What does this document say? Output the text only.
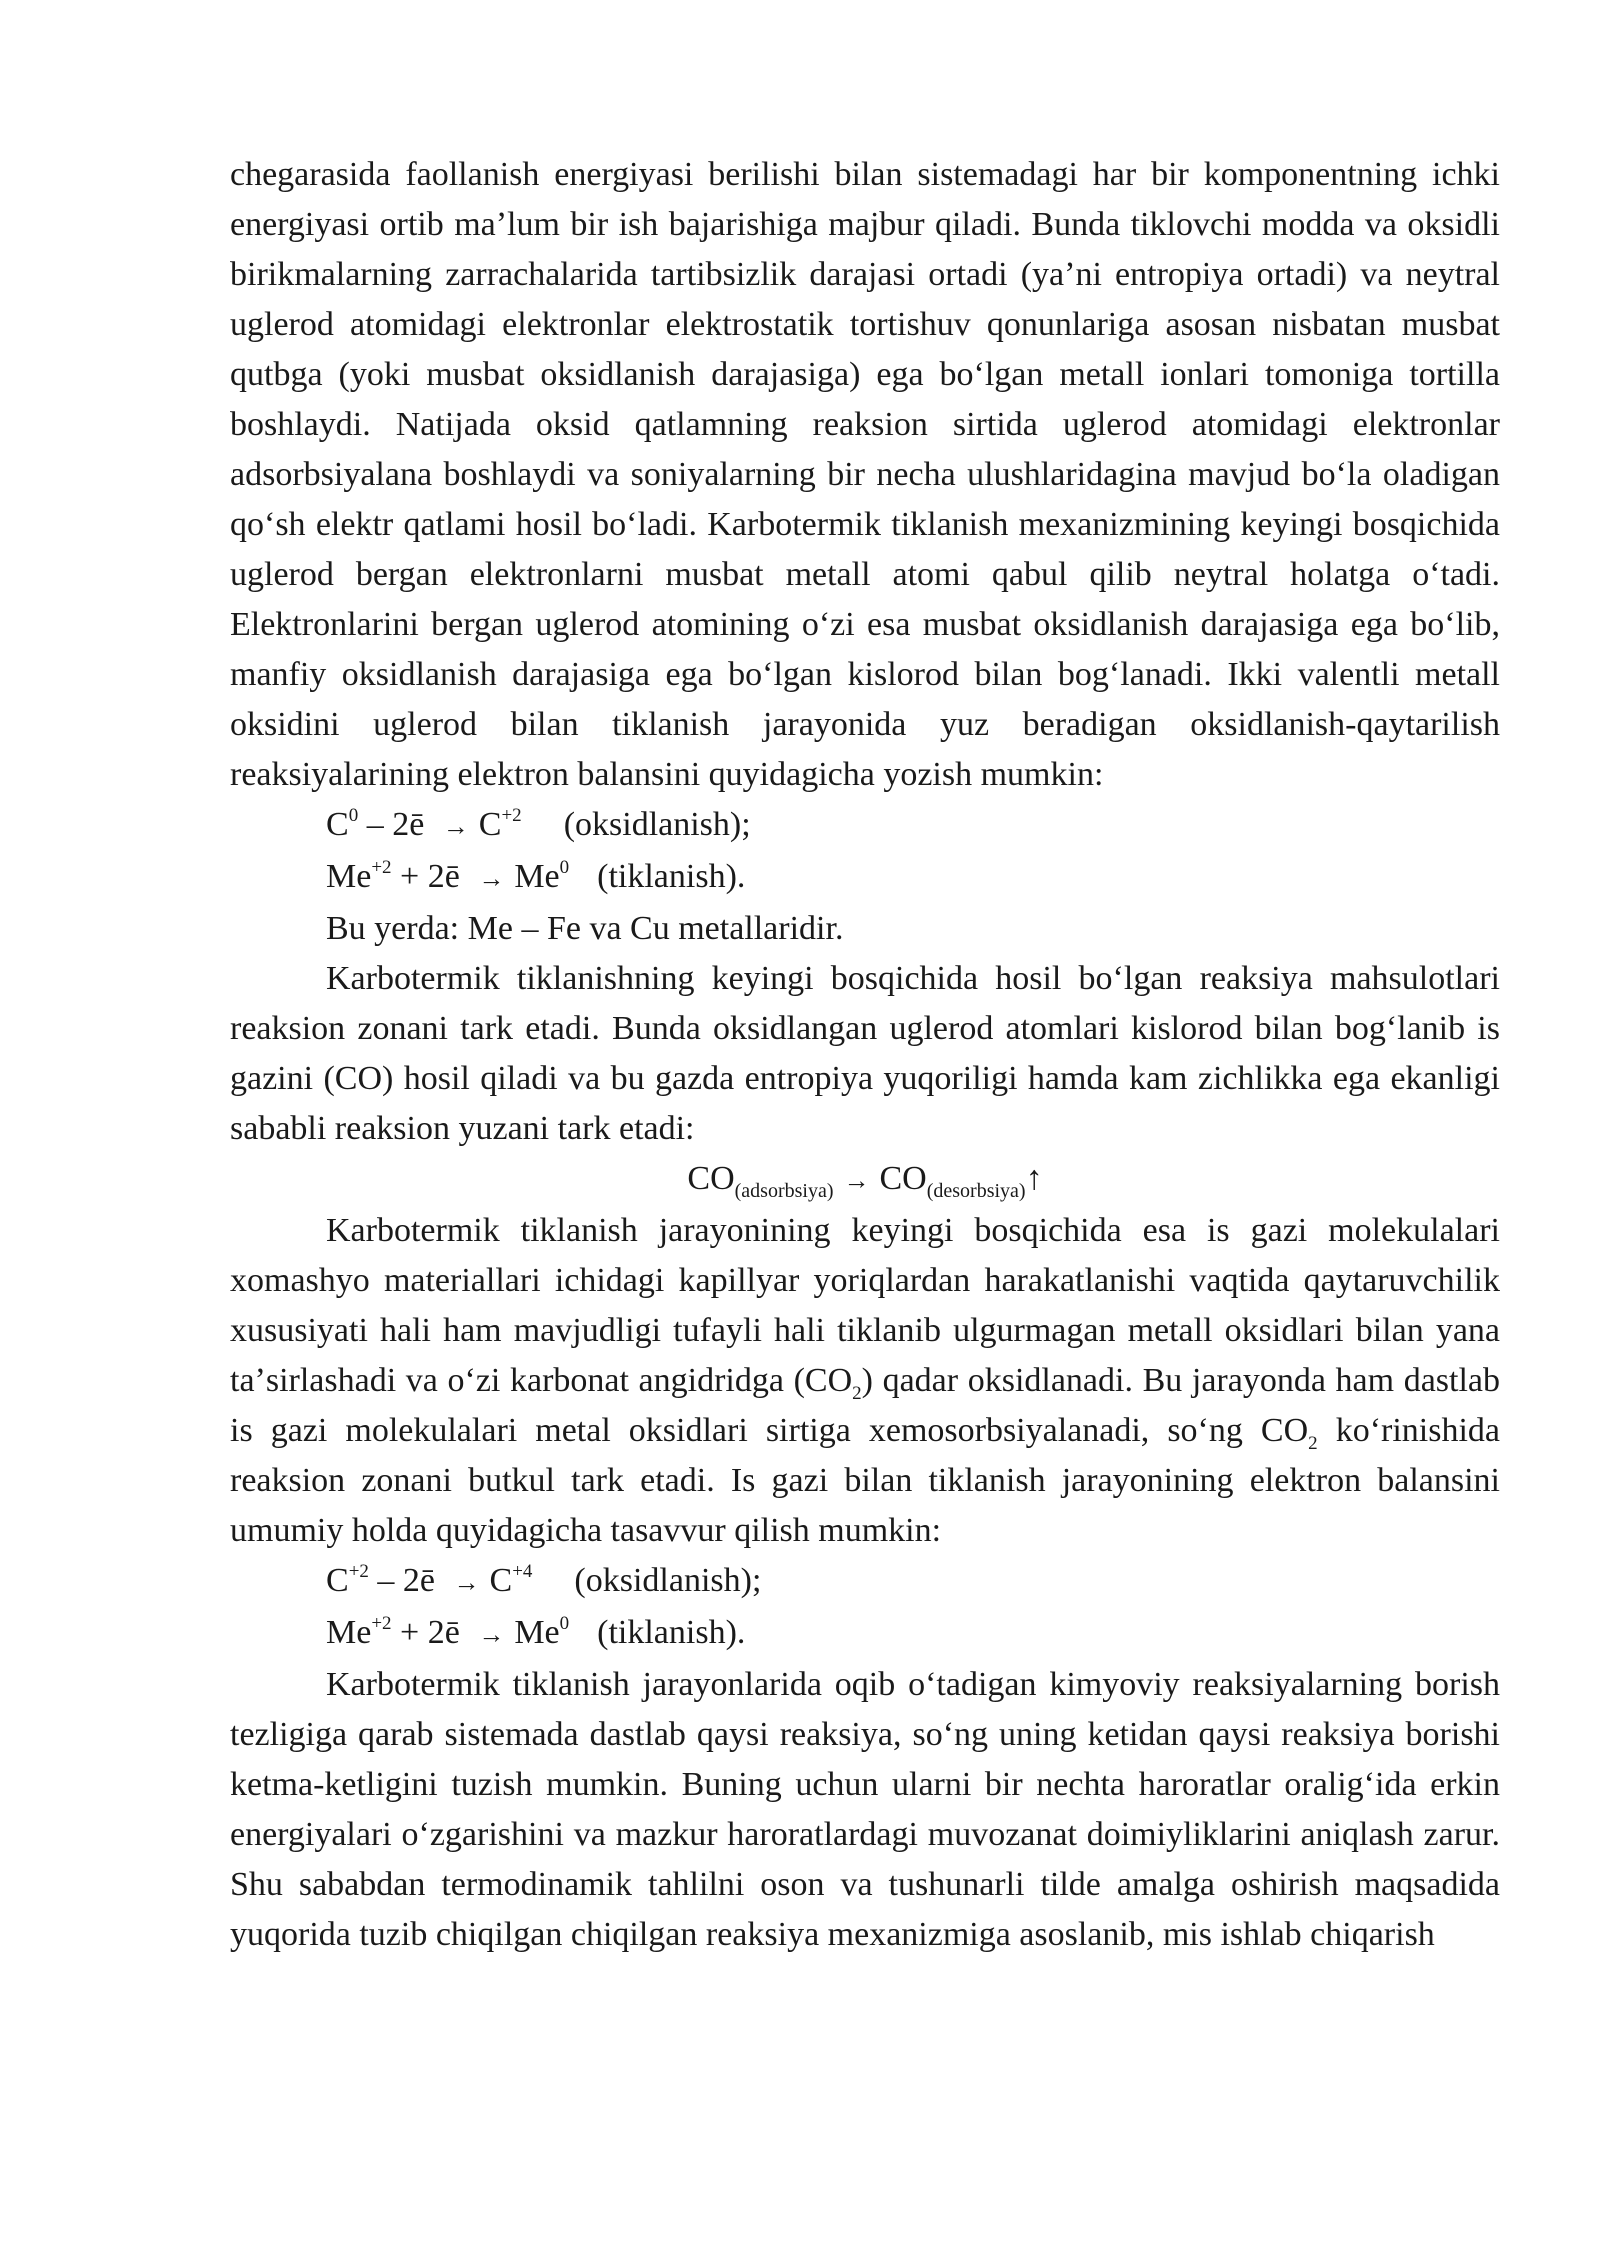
chegarasida faollanish energiyasi berilishi bilan sistemadagi har bir komponentning ichki energiyasi ortib maʼlum bir ish bajarishiga majbur qiladi. Bunda tiklovchi modda va oksidli birikmalarning zarrachalarida tartibsizlik darajasi ortadi (yaʼni entropiya ortadi) va neytral uglerod atomidagi elektronlar elektrostatik tortishuv qonunlariga asosan nisbatan musbat qutbga (yoki musbat oksidlanish darajasiga) ega boʻlgan metall ionlari tomoniga tortilla boshlaydi. Natijada oksid qatlamning reaksion sirtida uglerod atomidagi elektronlar adsorbsiyalana boshlaydi va soniyalarning bir necha ulushlaridagina mavjud boʻla oladigan qoʻsh elektr qatlami hosil boʻladi. Karbotermik tiklanish mexanizmining keyingi bosqichida uglerod bergan elektronlarni musbat metall atomi qabul qilib neytral holatga oʻtadi. Elektronlarini bergan uglerod atomining oʻzi esa musbat oksidlanish darajasiga ega boʻlib, manfiy oksidlanish darajasiga ega boʻlgan kislorod bilan bogʻlanadi. Ikki valentli metall oksidini uglerod bilan tiklanish jarayonida yuz beradigan oksidlanish-qaytarilish reaksiyalarining elektron balansini quyidagicha yozish mumkin:

$C^0$ – 2ē → $C^{+2}$ (oksidlanish);

$Me^{+2}$ + 2ē → $Me^0$ (tiklanish).

Bu yerda: Me – Fe va Cu metallaridir.

Karbotermik tiklanishning keyingi bosqichida hosil boʻlgan reaksiya mahsulotlari reaksion zonani tark etadi. Bunda oksidlangan uglerod atomlari kislorod bilan bogʻlanib is gazini (CO) hosil qiladi va bu gazda entropiya yuqoriligi hamda kam zichlikka ega ekanligi sababli reaksion yuzani tark etadi:

$CO_{(adsorbsiya)}$ → $CO_{(desorbsiya)}↑$

Karbotermik tiklanish jarayonining keyingi bosqichida esa is gazi molekulalari xomashyo materiallari ichidagi kapillyar yoriqlardan harakatlanishi vaqtida qaytaruvchilik xususiyati hali ham mavjudligi tufayli hali tiklanib ulgurmagan metall oksidlari bilan yana taʼsirlashadi va oʻzi karbonat angidridga $(CO_2)$ qadar oksidlanadi. Bu jarayonda ham dastlab is gazi molekulalari metal oksidlari sirtiga xemosorbsiyalanadi, soʻng $CO_2$ koʻrinishida reaksion zonani butkul tark etadi. Is gazi bilan tiklanish jarayonining elektron balansini umumiy holda quyidagicha tasavvur qilish mumkin:

$C^{+2}$ – 2ē → $C^{+4}$ (oksidlanish);

$Me^{+2}$ + 2ē → $Me^0$ (tiklanish).

Karbotermik tiklanish jarayonlarida oqib oʻtadigan kimyoviy reaksiyalarning borish tezligiga qarab sistemada dastlab qaysi reaksiya, soʻng uning ketidan qaysi reaksiya borishi ketma-ketligini tuzish mumkin. Buning uchun ularni bir nechta haroratlar oraligʻida erkin energiyalari oʻzgarishini va mazkur haroratlardagi muvozanat doimiyliklarini aniqlash zarur. Shu sababdan termodinamik tahlilni oson va tushunarli tilde amalga oshirish maqsadida yuqorida tuzib chiqilgan chiqilgan reaksiya mexanizmiga asoslanib, mis ishlab chiqarish
